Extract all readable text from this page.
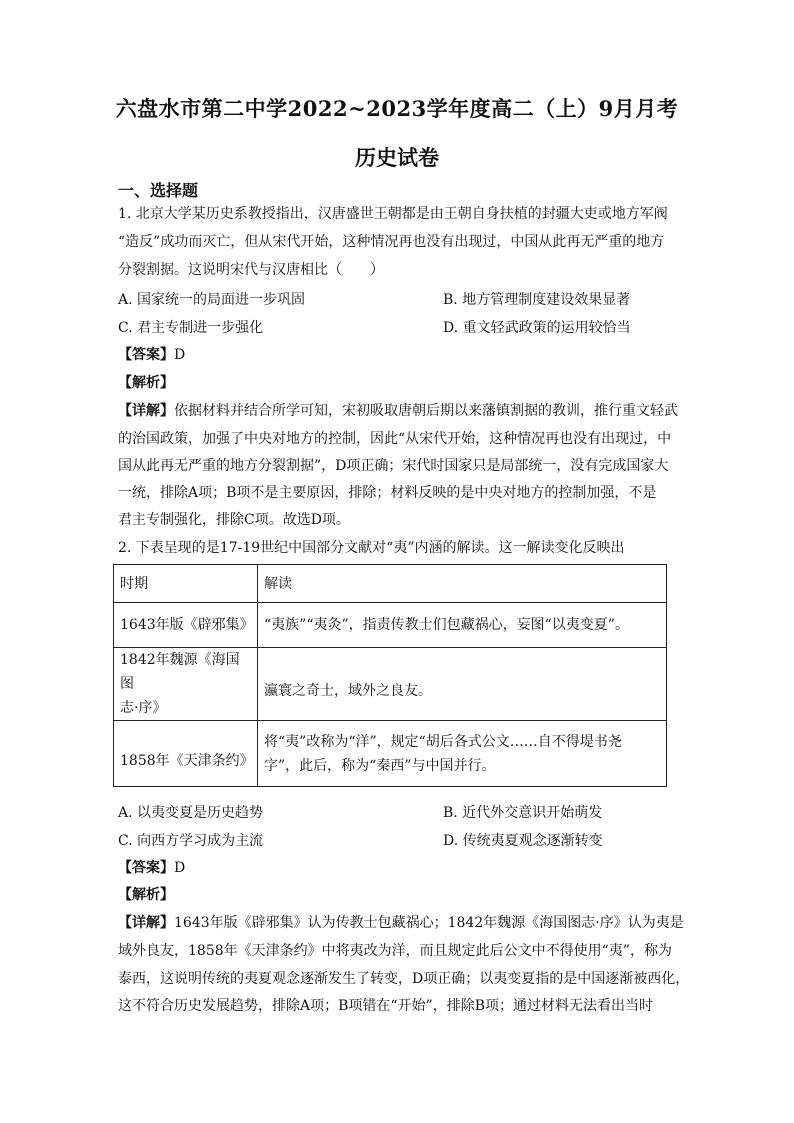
六盘水市第二中学2022~2023学年度高二（上）9月月考
历史试卷
一、选择题
1. 北京大学某历史系教授指出，汉唐盛世王朝都是由王朝自身扶植的封疆大吏或地方军阀
“造反”成功而灭亡，但从宋代开始，这种情况再也没有出现过，中国从此再无严重的地方
分裂割据。这说明宋代与汉唐相比（　　）
A. 国家统一的局面进一步巩固	B. 地方管理制度建设效果显著
C. 君主专制进一步强化	D. 重文轻武政策的运用较恰当
【答案】D
【解析】
【详解】依据材料并结合所学可知，宋初吸取唐朝后期以来藩镇割据的教训，推行重文轻武
的治国政策，加强了中央对地方的控制，因此“从宋代开始，这种情况再也没有出现过，中
国从此再无严重的地方分裂割据”，D项正确；宋代时国家只是局部统一，没有完成国家大
一统，排除A项；B项不是主要原因，排除；材料反映的是中央对地方的控制加强，不是
君主专制强化，排除C项。故选D项。
2. 下表呈现的是17-19世纪中国部分文献对“夷”内涵的解读。这一解读变化反映出
时期	解读
1643年版《辟邪集》	“夷族”“夷灸”，指责传教士们包藏祸心，妄图“以夷变夏”。

1842年魏源《海国图
志·序》	瀛寰之奇士，域外之良友。

1858年《天津条约》	将“夷”改称为“洋”，规定“胡后各式公文……自不得堤书尧
字”，此后，称为“秦西”与中国并行。
A. 以夷变夏是历史趋势	B. 近代外交意识开始萌发
C. 向西方学习成为主流	D. 传统夷夏观念逐渐转变
【答案】D
【解析】
【详解】1643年版《辟邪集》认为传教士包藏祸心；1842年魏源《海国图志·序》认为夷是
域外良友，1858年《天津条约》中将夷改为洋，而且规定此后公文中不得使用“夷”，称为
泰西，这说明传统的夷夏观念逐渐发生了转变，D项正确；以夷变夏指的是中国逐渐被西化，
这不符合历史发展趋势，排除A项；B项错在“开始”，排除B项；通过材料无法看出当时
